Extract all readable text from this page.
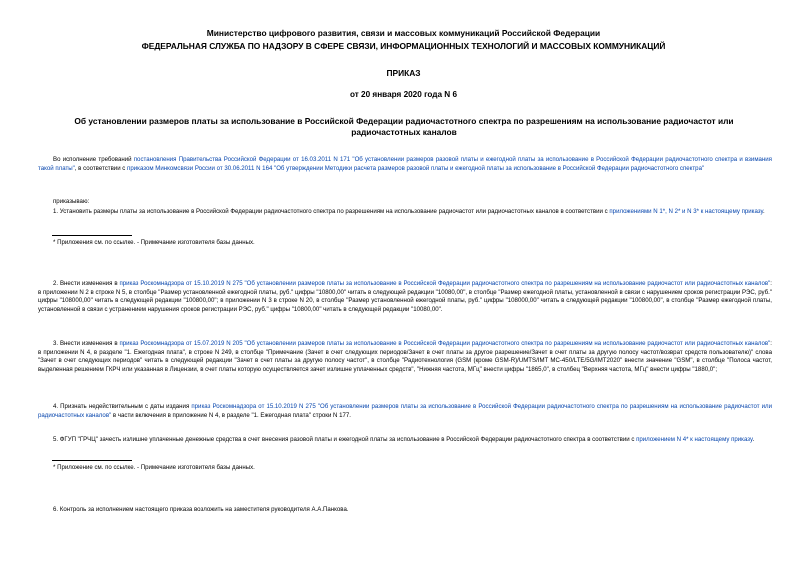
Министерство цифрового развития, связи и массовых коммуникаций Российской Федерации
ФЕДЕРАЛЬНАЯ СЛУЖБА ПО НАДЗОРУ В СФЕРЕ СВЯЗИ, ИНФОРМАЦИОННЫХ ТЕХНОЛОГИЙ И МАССОВЫХ КОММУНИКАЦИЙ
ПРИКАЗ
от 20 января 2020 года N 6
Об установлении размеров платы за использование в Российской Федерации радиочастотного спектра по разрешениям на использование радиочастот или радиочастотных каналов

Во исполнение требований постановления Правительства Российской Федерации от 16.03.2011 N 171 "Об установлении размеров разовой платы и ежегодной платы за использование в Российской Федерации радиочастотного спектра и взимания такой платы", в соответствии с приказом Минкомсвязи России от 30.06.2011 N 164 "Об утверждении Методики расчета размеров разовой платы и ежегодной платы за использование в Российской Федерации радиочастотного спектра"

приказываю:

1. Установить размеры платы за использование в Российской Федерации радиочастотного спектра по разрешениям на использование радиочастот или радиочастотных каналов в соответствии с приложениями N 1*, N 2* и N 3* к настоящему приказу.

* Приложения см. по ссылке. - Примечание изготовителя базы данных.

2. Внести изменения в приказ Роскомнадзора от 15.10.2019 N 275 "Об установлении размеров платы за использование в Российской Федерации радиочастотного спектра по разрешениям на использование радиочастот или радиочастотных каналов": в приложении N 2 в строке N 5, в столбце "Размер установленной ежегодной платы, руб." цифры "10800,00" читать в следующей редакции "10080,00", в столбце "Размер ежегодной платы, установленной в связи с нарушением сроков регистрации РЭС, руб." цифры "108000,00" читать в следующей редакции "100800,00"; в приложении N 3 в строке N 20, в столбце "Размер установленной ежегодной платы, руб." цифры "108000,00" читать в следующей редакции "100800,00", в столбце "Размер ежегодной платы, установленной в связи с устранением нарушения сроков регистрации РЭС, руб." цифры "10800,00" читать в следующей редакции "10080,00".

3. Внести изменения в приказ Роскомнадзора от 15.07.2019 N 205 "Об установлении размеров платы за использование в Российской Федерации радиочастотного спектра по разрешениям на использование радиочастот или радиочастотных каналов": в приложении N 4, в разделе "1. Ежегодная плата", в строке N 249, в столбце "Примечание (Зачет в счет следующих периодов/Зачет в счет платы за другое разрешение/Зачет в счет платы за другую полосу частот/возврат средств пользователю)" слова "Зачет в счет следующих периодов" читать в следующей редакции "Зачет в счет платы за другую полосу частот", в столбце "Радиотехнология (GSM (кроме GSM-R)/UMTS/IMT MC-450/LTE/5G/IMT2020" внести значение "GSM", в столбце "Полоса частот, выделенная решением ГКРЧ или указанная в Лицензии, в счет платы которую осуществляется зачет излишне уплаченных средств", "Нижняя частота, МГц" внести цифры "1865,0", в столбец "Верхняя частота, МГц" внести цифры "1880,0";

4. Признать недействительным с даты издания приказ Роскомнадзора от 15.10.2019 N 275 "Об установлении размеров платы за использование в Российской Федерации радиочастотного спектра по разрешениям на использование радиочастот или радиочастотных каналов" в части включения в приложение N 4, в разделе "1. Ежегодная плата" строки N 177.

5. ФГУП "ГРЧЦ" зачесть излишне уплаченные денежные средства в счет внесения разовой платы и ежегодной платы за использование в Российской Федерации радиочастотного спектра в соответствии с приложением N 4* к настоящему приказу.

* Приложение см. по ссылке. - Примечание изготовителя базы данных.

6. Контроль за исполнением настоящего приказа возложить на заместителя руководителя А.А.Панкова.
